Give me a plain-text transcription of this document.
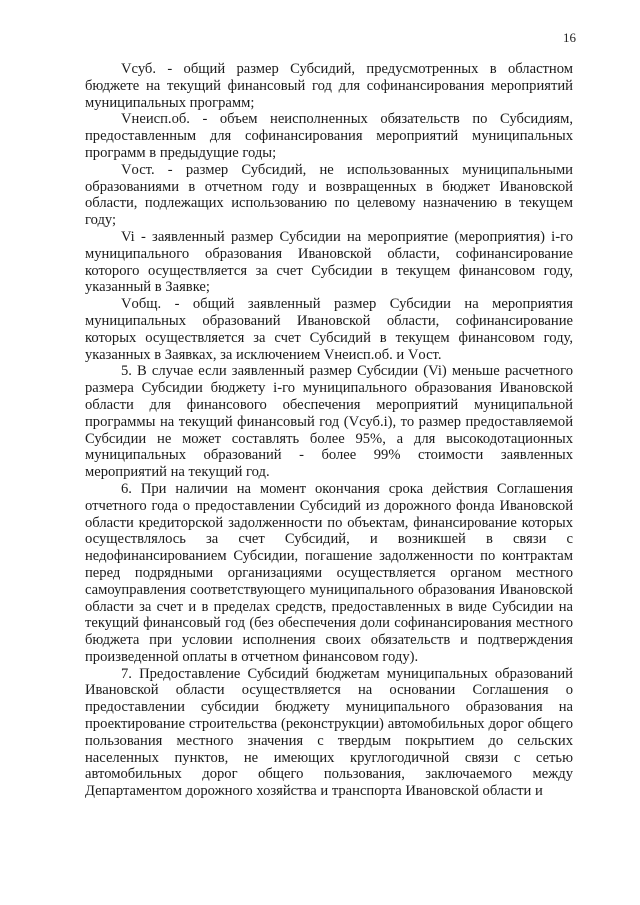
16

Vсуб. - общий размер Субсидий, предусмотренных в областном бюджете на текущий финансовый год для софинансирования мероприятий муниципальных программ;

Vнеисп.об. - объем неисполненных обязательств по Субсидиям, предоставленным для софинансирования мероприятий муниципальных программ в предыдущие годы;

Vост. - размер Субсидий, не использованных муниципальными образованиями в отчетном году и возвращенных в бюджет Ивановской области, подлежащих использованию по целевому назначению в текущем году;

Vi - заявленный размер Субсидии на мероприятие (мероприятия) i-го муниципального образования Ивановской области, софинансирование которого осуществляется за счет Субсидии в текущем финансовом году, указанный в Заявке;

Vобщ. - общий заявленный размер Субсидии на мероприятия муниципальных образований Ивановской области, софинансирование которых осуществляется за счет Субсидий в текущем финансовом году, указанных в Заявках, за исключением Vнеисп.об. и Vост.

5. В случае если заявленный размер Субсидии (Vi) меньше расчетного размера Субсидии бюджету i-го муниципального образования Ивановской области для финансового обеспечения мероприятий муниципальной программы на текущий финансовый год (Vсуб.i), то размер предоставляемой Субсидии не может составлять более 95%, а для высокодотационных муниципальных образований - более 99% стоимости заявленных мероприятий на текущий год.

6. При наличии на момент окончания срока действия Соглашения отчетного года о предоставлении Субсидий из дорожного фонда Ивановской области кредиторской задолженности по объектам, финансирование которых осуществлялось за счет Субсидий, и возникшей в связи с недофинансированием Субсидии, погашение задолженности по контрактам перед подрядными организациями осуществляется органом местного самоуправления соответствующего муниципального образования Ивановской области за счет и в пределах средств, предоставленных в виде Субсидии на текущий финансовый год (без обеспечения доли софинансирования местного бюджета при условии исполнения своих обязательств и подтверждения произведенной оплаты в отчетном финансовом году).

7. Предоставление Субсидий бюджетам муниципальных образований Ивановской области осуществляется на основании Соглашения о предоставлении субсидии бюджету муниципального образования на проектирование строительства (реконструкции) автомобильных дорог общего пользования местного значения с твердым покрытием до сельских населенных пунктов, не имеющих круглогодичной связи с сетью автомобильных дорог общего пользования, заключаемого между Департаментом дорожного хозяйства и транспорта Ивановской области и
